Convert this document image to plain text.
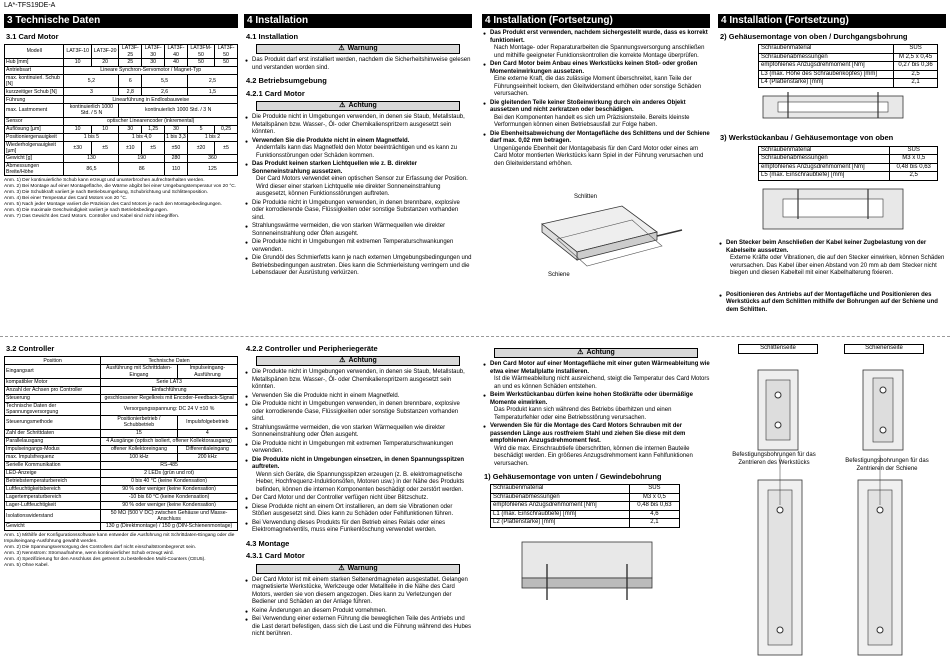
LA*-TFS19DE-A
3 Technische Daten
3.1 Card Motor
Modell	LAT3F-10	LAT3F-20	LAT3F-25	LAT3F-30	LAT3F-40	LAT3FM-50	LAT3F-50
Hub [mm]	10	20	25	30	40	50	50
Antriebsart	Lineare Synchron-Servomotor / Magnet-Typ						
max. kontinuierl. Schub [N]	5,2		6	5,5		2,5	
kurzzeitiger Schub [N]	3		2,8	2,6		1,5	
Führung	Linearführung in Endlosbauweise						
max. Lastmoment	kontinuierlich 1000 Std. / 5 N		kontinuierlich 1000 Std. / 3 N				
Sensor	optischer Linearencoder (inkremental)						
Auflösung [µm]	10	10	30	1,25	30	5	0,25
Positioniergenauigkeit	1 bis 5		1 bis 4,0		1 bis 3,3	1 bis 2	
Wiederholgenauigkeit [µm]	±30	±5	±10	±5	±50	±20	±5
Gewicht [g]	130		190		280	360	
Abmessungen Breite/Höhe	86,5		86		110	125	
Anm. 1) Der kontinuierliche Schub kann erzeugt und ununterbrochen aufrechterhalten werden.
Anm. 2) Bei Montage auf einer Montagefläche, die Wärme abgibt bei einer Umgebungstemperatur von 20 °C.
Anm. 3) Die Schubkraft variiert je nach Betriebsumgebung, Schubrichtung und Schlittenposition.
Anm. 4) Bei einer Temperatur des Card Motors von 20 °C.
Anm. 5) Nach jeder Montage variiert die Präzision des Card Motors je nach den Montagebedingungen.
Anm. 6) Die maximale Geschwindigkeit variiert je nach Betriebsbedingungen.
Anm. 7) Das Gewicht des Card Motors. Controller und Kabel sind nicht inbegriffen.
4 Installation
4.1 Installation
⚠ Warnung
● Das Produkt darf erst installiert werden, nachdem die Sicherheitshinweise gelesen und verstanden worden sind.
4.2 Betriebsumgebung
4.2.1 Card Motor
⚠ Achtung
● Die Produkte nicht in Umgebungen verwenden, in denen sie Staub, Metallstaub, Metallspänen bzw. Wasser-, Öl- oder Chemikalienspritzern ausgesetzt sein könnten.
● Verwenden Sie die Produkte nicht in einem Magnetfeld.
Andernfalls kann das Magnetfeld den Motor beeinträchtigen und es kann zu Funktionsstörungen oder Schäden kommen.
● Das Produkt keinen starken Lichtquellen wie z. B. direkter Sonneneinstrahlung aussetzen.
Der Card Motors verwendet einen optischen Sensor zur Erfassung der Position. Wird dieser einer starken Lichtquelle wie direkter Sonneneinstrahlung ausgesetzt, können Funktionsstörungen auftreten.
● Die Produkte nicht in Umgebungen verwenden, in denen brennbare, explosive oder korrodierende Gase, Flüssigkeiten oder sonstige Substanzen vorhanden sind.
● Strahlungswärme vermeiden, die von starken Wärmequellen wie direkter Sonneneinstrahlung oder Öfen ausgeht.
● Die Produkte nicht in Umgebungen mit extremen Temperaturschwankungen verwenden.
● Die Grundöl des Schmierfetts kann je nach externen Umgebungsbedingungen und Betriebsbedingungen austreten. Dies kann die Schmierleistung verringern und die Lebensdauer der Ausrüstung verkürzen.
4 Installation (Fortsetzung)
● Das Produkt erst verwenden, nachdem sichergestellt wurde, dass es korrekt funktioniert.
Nach Montage- oder Reparaturarbeiten die Spannungsversorgung anschließen und mithilfe geeigneter Funktionskontrollen die korrekte Montage überprüfen.
● Den Card Motor beim Anbau eines Werkstücks keinen Stoß- oder großen Momenteinwirkungen aussetzen.
Eine externe Kraft, die das zulässige Moment überschreitet, kann Teile der Führungseinheit lockern, den Gleitwiderstand erhöhen oder sonstige Schäden verursachen.
● Die gleitenden Teile keiner Stoßeinwirkung durch ein anderes Objekt aussetzen und nicht zerkratzen oder beschädigen.
Bei den Komponenten handelt es sich um Präzisionsteile. Bereits kleinste Verformungen können einen Betriebsausfall zur Folge haben.
● Die Ebenheitsabweichung der Montagefläche des Schlittens und der Schiene darf max. 0,02 mm betragen.
Ungenügende Ebenheit der Montagebasis für den Card Motor oder eines am Card Motor montierten Werkstücks kann Spiel in der Führung verursachen und den Gleitwiderstand erhöhen.
Schlitten
Schiene
4 Installation (Fortsetzung)
2) Gehäusemontage von oben / Durchgangsbohrung
Schraubenmaterial	SUS
Schraubenabmessungen	M 2,5 x 0,45
empfohlenes Anzugsdrehmoment [Nm]	0,27 bis 0,36
L3 (max. Höhe des Schraubenkopfes) [mm]	2,5
L4 (Plattenstärke) [mm]	2,1
3) Werkstückanbau / Gehäusemontage von oben
Schraubenmaterial	SUS
Schraubenabmessungen	M3 x 0,5
empfohlenes Anzugsdrehmoment [Nm]	0,48 bis 0,63
L5 (max. Einschraubtiefe) [mm]	2,5
● Den Stecker beim Anschließen der Kabel keiner Zugbelastung von der Kabelseite aussetzen.
Externe Kräfte oder Vibrationen, die auf den Stecker einwirken, können Schäden verursachen. Das Kabel über einen Abstand von 20 mm ab dem Stecker nicht biegen und diesen Kabelteil mit einer Kabelhalterung fixieren.
● Positionieren des Antriebs auf der Montagefläche und Positionieren des Werkstücks auf dem Schlitten mithilfe der Bohrungen auf der Schiene und dem Schlitten.
3.2 Controller
Position	Technische Daten	
Eingangsart	Ausführung mit Schrittdaten-Eingang	Impulseingang-Ausführung
kompatibler Motor	Serie LAT3	
Anzahl der Achsen pro Controller	Einfachführung	
Steuerung	geschlossener Regelkreis mit Encoder-Feedback-Signal	
Technische Daten der Spannungsversorgung	Versorgungsspannung: DC 24 V ±10 %	
Steuerungsmethode	Positionierbetrieb / Schubbetrieb	Impulsfolgebetrieb
Zahl der Schrittdaten	15	4
Parallelausgang	4 Ausgänge (optisch isoliert, offener Kollektorausgang)	
Impulseingangs-Modus	offener Kollektoreingang	Differentialeingang
max. Impulsfrequenz	100 kHz	200 kHz
Serielle Kommunikation	RS-485	
LED-Anzeige	2 LEDs (grün und rot)	
Betriebstemperaturbereich	0 bis 40 °C (keine Kondensation)	
Luftfeuchtigkeitsbereich	90 % oder weniger (keine Kondensation)	
Lagertemperaturbereich	-10 bis 60 °C (keine Kondensation)	
Lager-Luftfeuchtigkeit	90 % oder weniger (keine Kondensation)	
Isolationswiderstand	50 MΩ (500 V DC) zwischen Gehäuse und Masse-Anschluss	
Gewicht	130 g (Direktmontage) / 150 g (DIN-Schienenmontage)	
Anm. 1) Mithilfe der Konfigurationssoftware kann entweder die Ausführung mit Schrittdaten-Eingang oder die Impulseingang-Ausführung gewählt werden.
Anm. 2) Die Spannungsversorgung des Controllers darf nicht einschaltstrombegrenzt sein.
Anm. 3) Nennstrom: Stromaufnahme, wenn kontinuierlicher Schub erzeugt wird.
Anm. 4) Spezifizierung für den Anschluss des getrennt zu bestellenden Multi-Counters (CEU5).
Anm. 5) Ohne Kabel.
4.2.2 Controller und Peripheriegeräte
⚠ Achtung
● Die Produkte nicht in Umgebungen verwenden, in denen sie Staub, Metallstaub, Metallspänen bzw. Wasser-, Öl- oder Chemikalienspritzern ausgesetzt sein könnten.
● Verwenden Sie die Produkte nicht in einem Magnetfeld.
● Die Produkte nicht in Umgebungen verwenden, in denen brennbare, explosive oder korrodierende Gase, Flüssigkeiten oder sonstige Substanzen vorhanden sind.
● Strahlungswärme vermeiden, die von starken Wärmequellen wie direkter Sonneneinstrahlung oder Öfen ausgeht.
● Die Produkte nicht in Umgebungen mit extremen Temperaturschwankungen verwenden.
● Die Produkte nicht in Umgebungen einsetzen, in denen Spannungsspitzen auftreten.
Wenn sich Geräte, die Spannungsspitzen erzeugen (z. B. elektromagnetische Heber, Hochfrequenz-Induktionsöfen, Motoren usw.) in der Nähe des Produkts befinden, können die internen Komponenten beschädigt oder zerstört werden.
● Der Card Motor und der Controller verfügen nicht über Blitzschutz.
● Diese Produkte nicht an einem Ort installieren, an dem sie Vibrationen oder Stößen ausgesetzt sind. Dies kann zu Schäden oder Fehlfunktionen führen.
● Bei Verwendung dieses Produkts für den Betrieb eines Relais oder eines Elektromagnetventils, muss eine Funkenlöschung verwendet werden.
4.3 Montage
4.3.1 Card Motor
⚠ Warnung
● Der Card Motor ist mit einem starken Seltenerdmagneten ausgestattet. Gelangen magnetisierte Werkstücke, Werkzeuge oder Metallteile in die Nähe des Card Motors, werden sie von diesem angezogen. Dies kann zu Verletzungen der Bediener und Schäden an der Anlage führen.
● Keine Änderungen an diesem Produkt vornehmen.
● Bei Verwendung einer externen Führung die beweglichen Teile des Antriebs und die Last derart befestigen, dass sich die Last und die Führung während des Hubes nicht berühren.
⚠ Achtung
● Den Card Motor auf einer Montagefläche mit einer guten Wärmeableitung wie etwa einer Metallplatte installieren.
Ist die Wärmeableitung nicht ausreichend, steigt die Temperatur des Card Motors an und es können Schäden entstehen.
● Beim Werkstückanbau dürfen keine hohen Stoßkräfte oder übermäßige Momente einwirken.
Das Produkt kann sich während des Betriebs überhitzen und einen Temperaturfehler oder eine Betriebsstörung verursachen.
● Verwenden Sie für die Montage des Card Motors Schrauben mit der passenden Länge aus rostfreiem Stahl und ziehen Sie diese mit dem empfohlenen Anzugsdrehmoment fest.
Wird die max. Einschraubtiefe überschritten, können die internen Bauteile beschädigt werden. Ein größeres Anzugsdrehmoment kann Fehlfunktionen verursachen.
1) Gehäusemontage von unten / Gewindebohrung
Schraubenmaterial	SUS
Schraubenabmessungen	M3 x 0,5
empfohlenes Anzugsdrehmoment [Nm]	0,48 bis 0,63
L1 (max. Einschraubtiefe) [mm]	4,6
L2 (Plattenstärke) [mm]	2,1
Schlittenseite	Schienenseite
Befestigungsbohrungen für das Zentrieren des Werkstücks	Befestigungsbohrungen für das Zentrieren der Schiene
